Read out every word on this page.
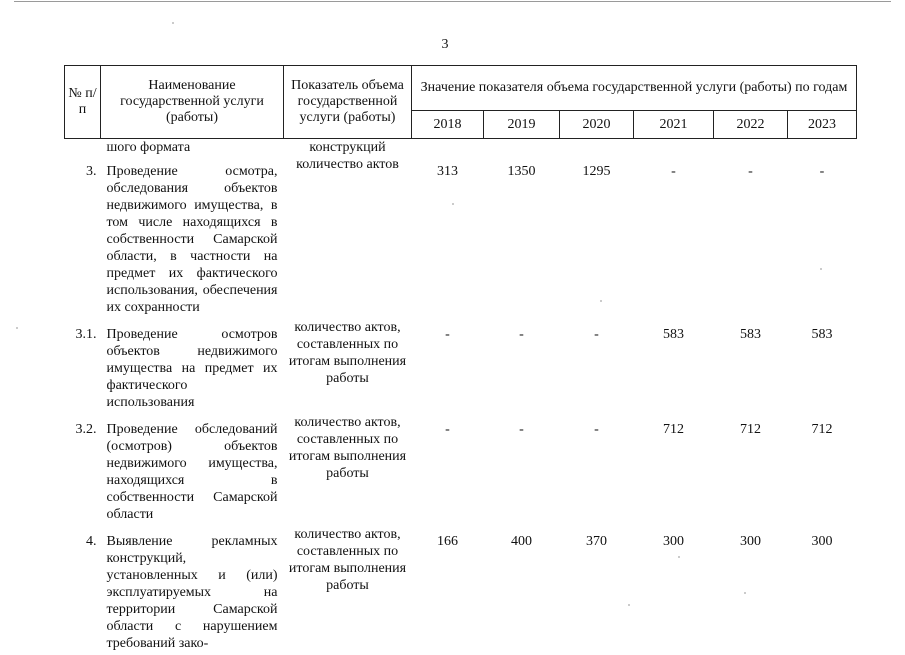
3
№ п/п	Наименование государственной услуги (работы)	Показатель объема государственной услуги (работы)	Значение показателя объема государственной услуги (работы) по годам					
			2018	2019	2020	2021	2022	2023
	шого формата	конструкций						
3.	Проведение осмотра, обследования объектов недвижимого имущества, в том числе находящихся в собственности Самарской области, в частности на предмет их фактического использования, обеспечения их сохранности	количество актов	313	1350	1295	-	-	-
3.1.	Проведение осмотров объектов недвижимого имущества на предмет их фактического использования	количество актов, составленных по итогам выполнения работы	-	-	-	583	583	583
3.2.	Проведение обследований (осмотров) объектов недвижимого имущества, находящихся в собственности Самарской области	количество актов, составленных по итогам выполнения работы	-	-	-	712	712	712
4.	Выявление рекламных конструкций, установленных и (или) эксплуатируемых на территории Самарской области с нарушением требований зако-	количество актов, составленных по итогам выполнения работы	166	400	370	300	300	300
